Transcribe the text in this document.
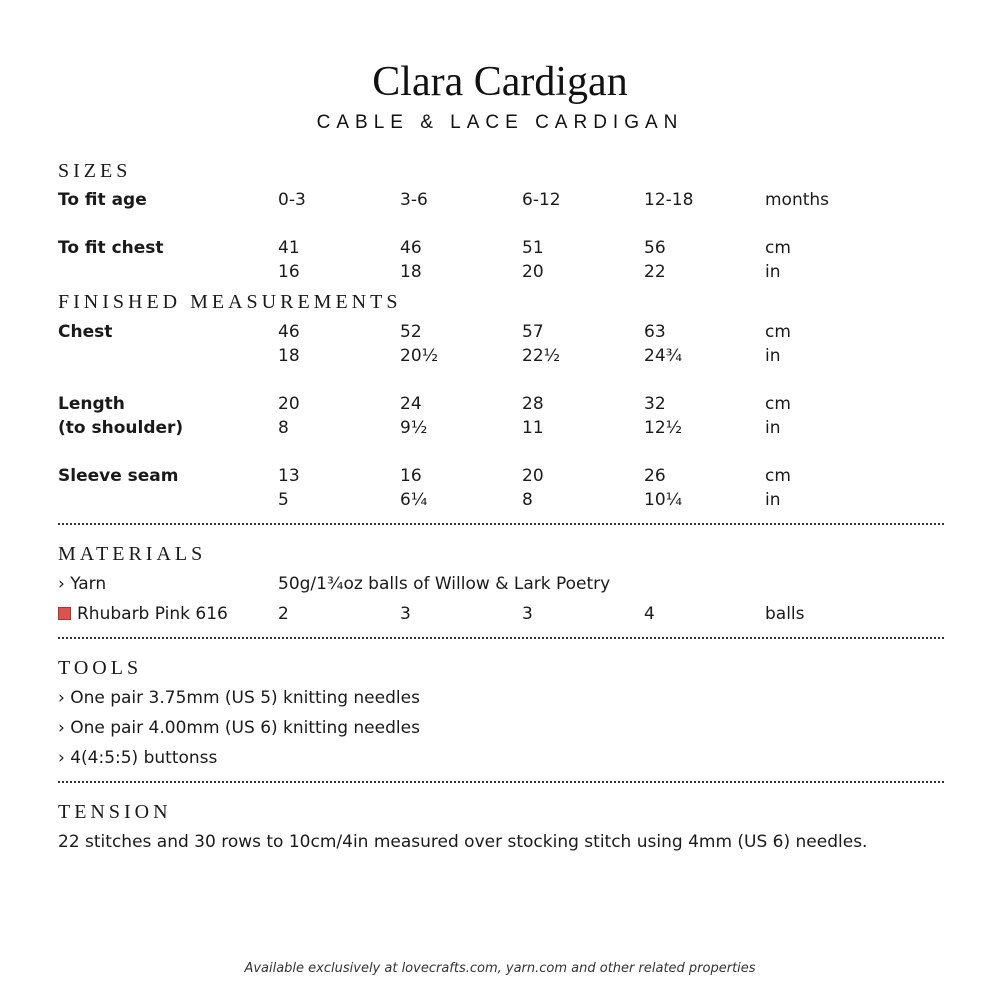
Clara Cardigan
CABLE & LACE CARDIGAN
SIZES
To fit age	0-3	3-6	6-12	12-18	months
To fit chest	41	46	51	56	cm
16	18	20	22	in
FINISHED MEASUREMENTS
Chest	46	52	57	63	cm
18	20½	22½	24¾	in
Length
(to shoulder)
20	24	28	32	cm
8	9½	11	12½	in
Sleeve seam	13	16	20	26	cm
5	6¼	8	10¼	in
MATERIALS
› Yarn	50g/1¾oz balls of Willow & Lark Poetry
Rhubarb Pink 616	2	3	3	4	balls
TOOLS
› One pair 3.75mm (US 5) knitting needles
› One pair 4.00mm (US 6) knitting needles
› 4(4:5:5) buttonss
TENSION
22 stitches and 30 rows to 10cm/4in measured over stocking stitch using 4mm (US 6) needles.
Available exclusively at lovecrafts.com, yarn.com and other related properties
